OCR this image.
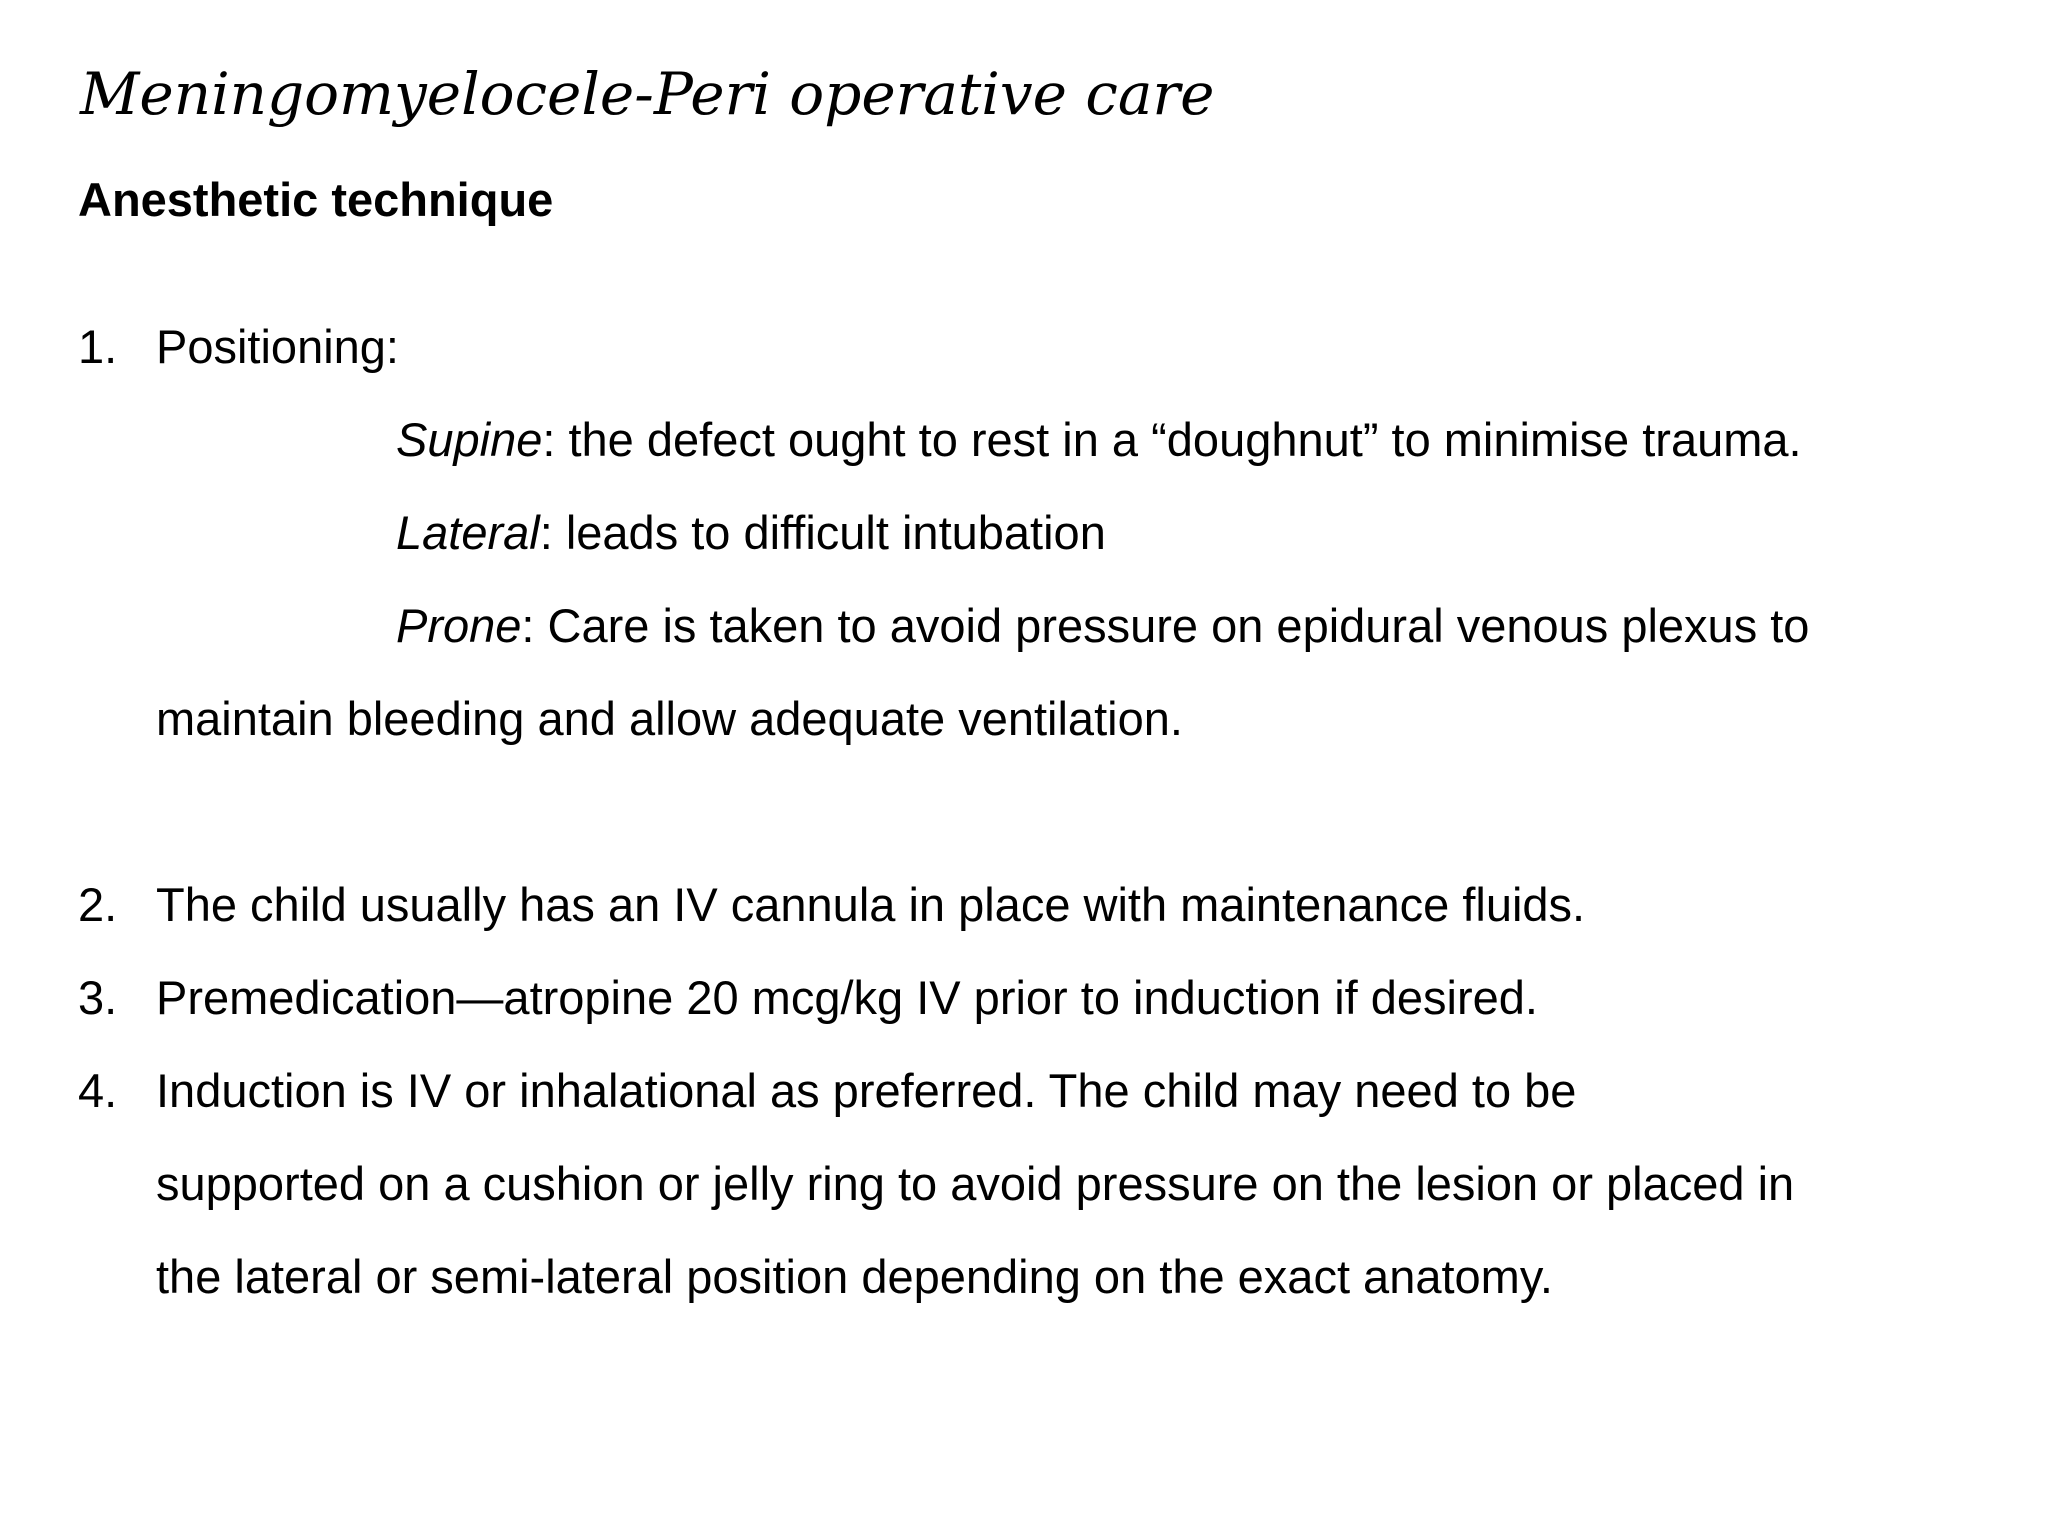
Meningomyelocele-Peri operative care
Anesthetic technique
1. Positioning:
Supine: the defect ought to rest in a “doughnut” to minimise trauma.
Lateral: leads to difficult intubation
Prone: Care is taken to avoid pressure on epidural venous plexus to
maintain bleeding and allow adequate ventilation.
2. The child usually has an IV cannula in place with maintenance fluids.
3. Premedication—atropine 20 mcg/kg IV prior to induction if desired.
4. Induction is IV or inhalational as preferred. The child may need to be
supported on a cushion or jelly ring to avoid pressure on the lesion or placed in
the lateral or semi-lateral position depending on the exact anatomy.
